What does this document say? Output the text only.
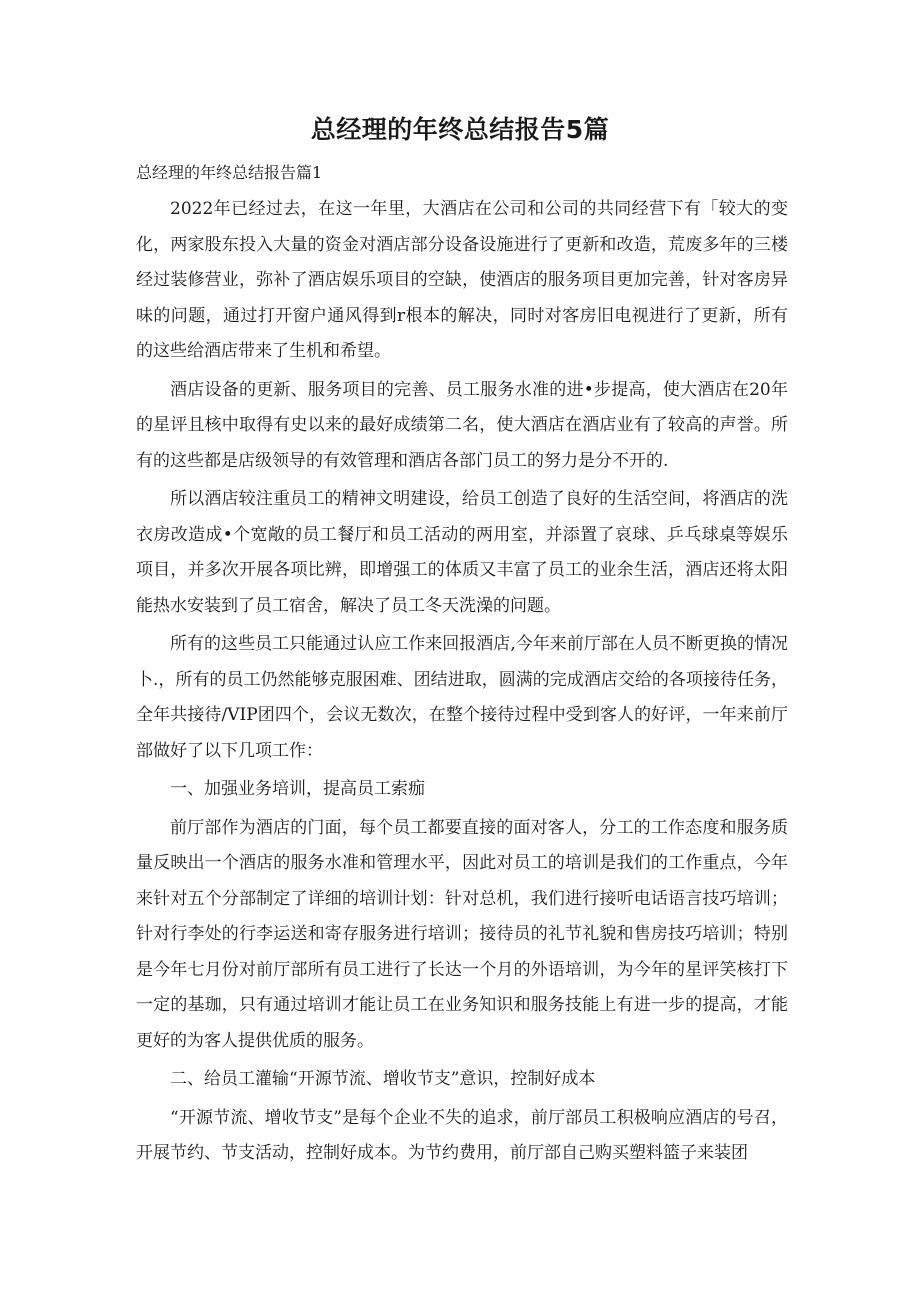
总经理的年终总结报告5篇
总经理的年终总结报告篇1

2022年已经过去，在这一年里，大酒店在公司和公司的共同经营下有「较大的变化，两家股东投入大量的资金对酒店部分设备设施进行了更新和改造，荒废多年的三楼经过装修营业，弥补了酒店娱乐项目的空缺，使酒店的服务项目更加完善，针对客房异味的问题，通过打开窗户通风得到r根本的解决，同时对客房旧电视进行了更新，所有的这些给酒店带来了生机和希望。

酒店设备的更新、服务项目的完善、员工服务水准的进•步提高，使大酒店在20年的星评且核中取得有史以来的最好成绩第二名，使大酒店在酒店业有了较高的声誉。所有的这些都是店级领导的有效管理和酒店各部门员工的努力是分不开的.

所以酒店较注重员工的精神文明建设，给员工创造了良好的生活空间，将酒店的洗衣房改造成•个宽敞的员工餐厅和员工活动的两用室，并添置了哀球、乒乓球桌等娱乐项目，并多次开展各项比辨，即增强工的体质又丰富了员工的业余生活，酒店还将太阳能热水安装到了员工宿舍，解决了员工冬天洗澡的问题。

所有的这些员工只能通过认应工作来回报酒店,今年来前厅部在人员不断更换的情况卜.，所有的员工仍然能够克服困难、团结进取，圆满的完成酒店交给的各项接待任务，全年共接待/VIP团四个，会议无数次，在整个接待过程中受到客人的好评，一年来前厅部做好了以下几项工作：

一、加强业务培训，提高员工索痂

前厅部作为酒店的门面，每个员工都要直接的面对客人，分工的工作态度和服务质量反映出一个酒店的服务水准和管理水平，因此对员工的培训是我们的工作重点，今年来针对五个分部制定了详细的培训计划：针对总机，我们进行接听电话语言技巧培训；针对行李处的行李运送和寄存服务进行培训；接待员的礼节礼貌和售房技巧培训；特别是今年七月份对前厅部所有员工进行了长达一个月的外语培训，为今年的星评笑核打下一定的基珈，只有通过培训才能让员工在业务知识和服务技能上有进一步的提高，才能更好的为客人提供优质的服务。

二、给员工灌输“开源节流、增收节支”意识，控制好成本

“开源节流、增收节支”是每个企业不失的追求，前厅部员工积极响应酒店的号召，开展节约、节支活动，控制好成本。为节约费用，前厅部自己购买塑料篮子来装团
